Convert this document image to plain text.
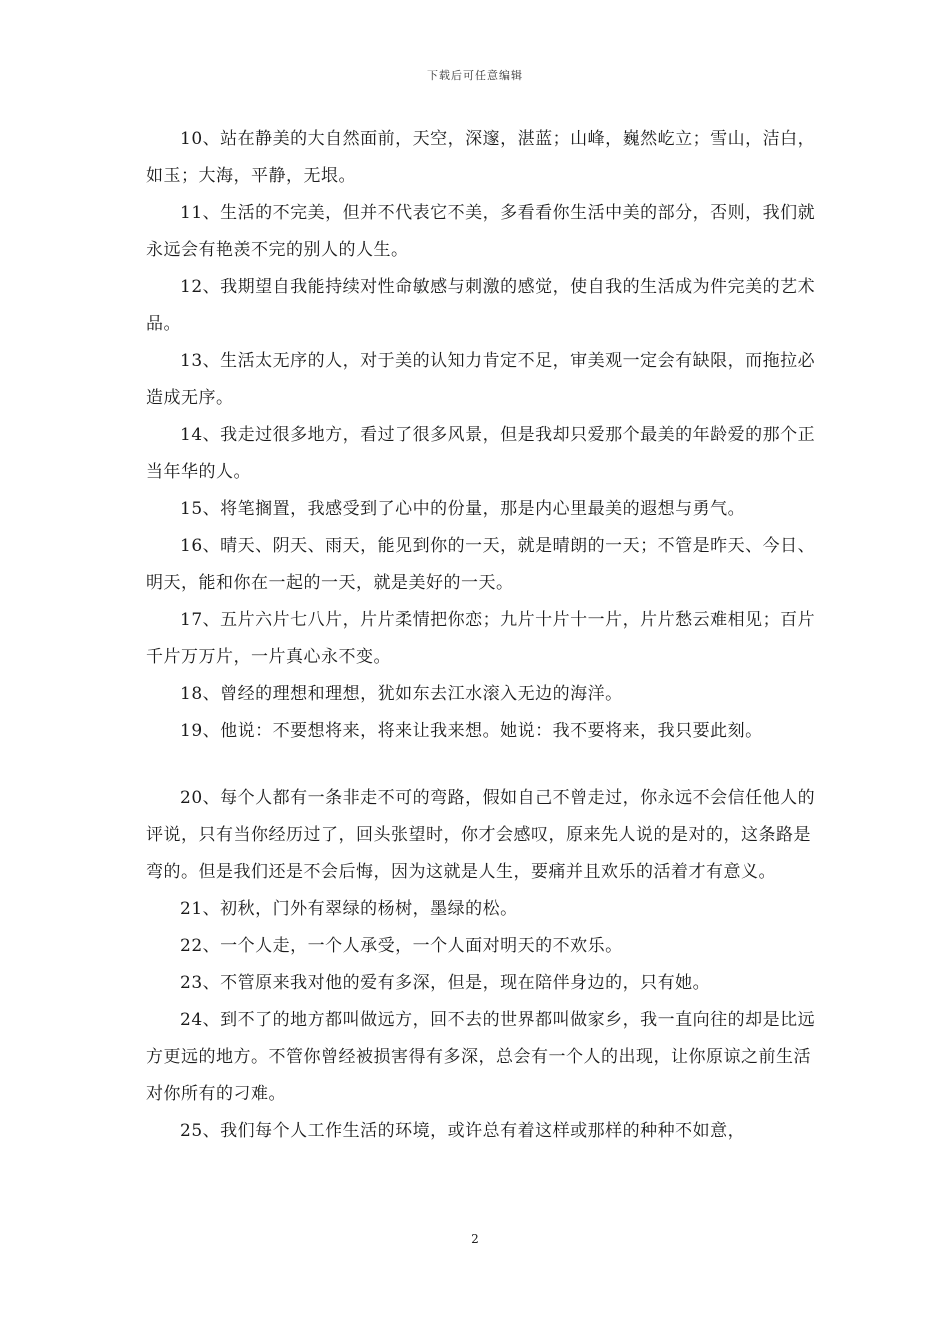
下载后可任意编辑

10、站在静美的大自然面前，天空，深邃，湛蓝；山峰，巍然屹立；雪山，洁白，如玉；大海，平静，无垠。

11、生活的不完美，但并不代表它不美，多看看你生活中美的部分，否则，我们就永远会有艳羡不完的别人的人生。

12、我期望自我能持续对性命敏感与刺激的感觉，使自我的生活成为件完美的艺术品。

13、生活太无序的人，对于美的认知力肯定不足，审美观一定会有缺限，而拖拉必造成无序。

14、我走过很多地方，看过了很多风景，但是我却只爱那个最美的年龄爱的那个正当年华的人。

15、将笔搁置，我感受到了心中的份量，那是内心里最美的遐想与勇气。

16、晴天、阴天、雨天，能见到你的一天，就是晴朗的一天；不管是昨天、今日、明天，能和你在一起的一天，就是美好的一天。

17、五片六片七八片，片片柔情把你恋；九片十片十一片，片片愁云难相见；百片千片万万片，一片真心永不变。

18、曾经的理想和理想，犹如东去江水滚入无边的海洋。

19、他说：不要想将来，将来让我来想。她说：我不要将来，我只要此刻。

20、每个人都有一条非走不可的弯路，假如自己不曾走过，你永远不会信任他人的评说，只有当你经历过了，回头张望时，你才会感叹，原来先人说的是对的，这条路是弯的。但是我们还是不会后悔，因为这就是人生，要痛并且欢乐的活着才有意义。

21、初秋，门外有翠绿的杨树，墨绿的松。

22、一个人走，一个人承受，一个人面对明天的不欢乐。

23、不管原来我对他的爱有多深，但是，现在陪伴身边的，只有她。

24、到不了的地方都叫做远方，回不去的世界都叫做家乡，我一直向往的却是比远方更远的地方。不管你曾经被损害得有多深，总会有一个人的出现，让你原谅之前生活对你所有的刁难。

25、我们每个人工作生活的环境，或许总有着这样或那样的种种不如意，

2
